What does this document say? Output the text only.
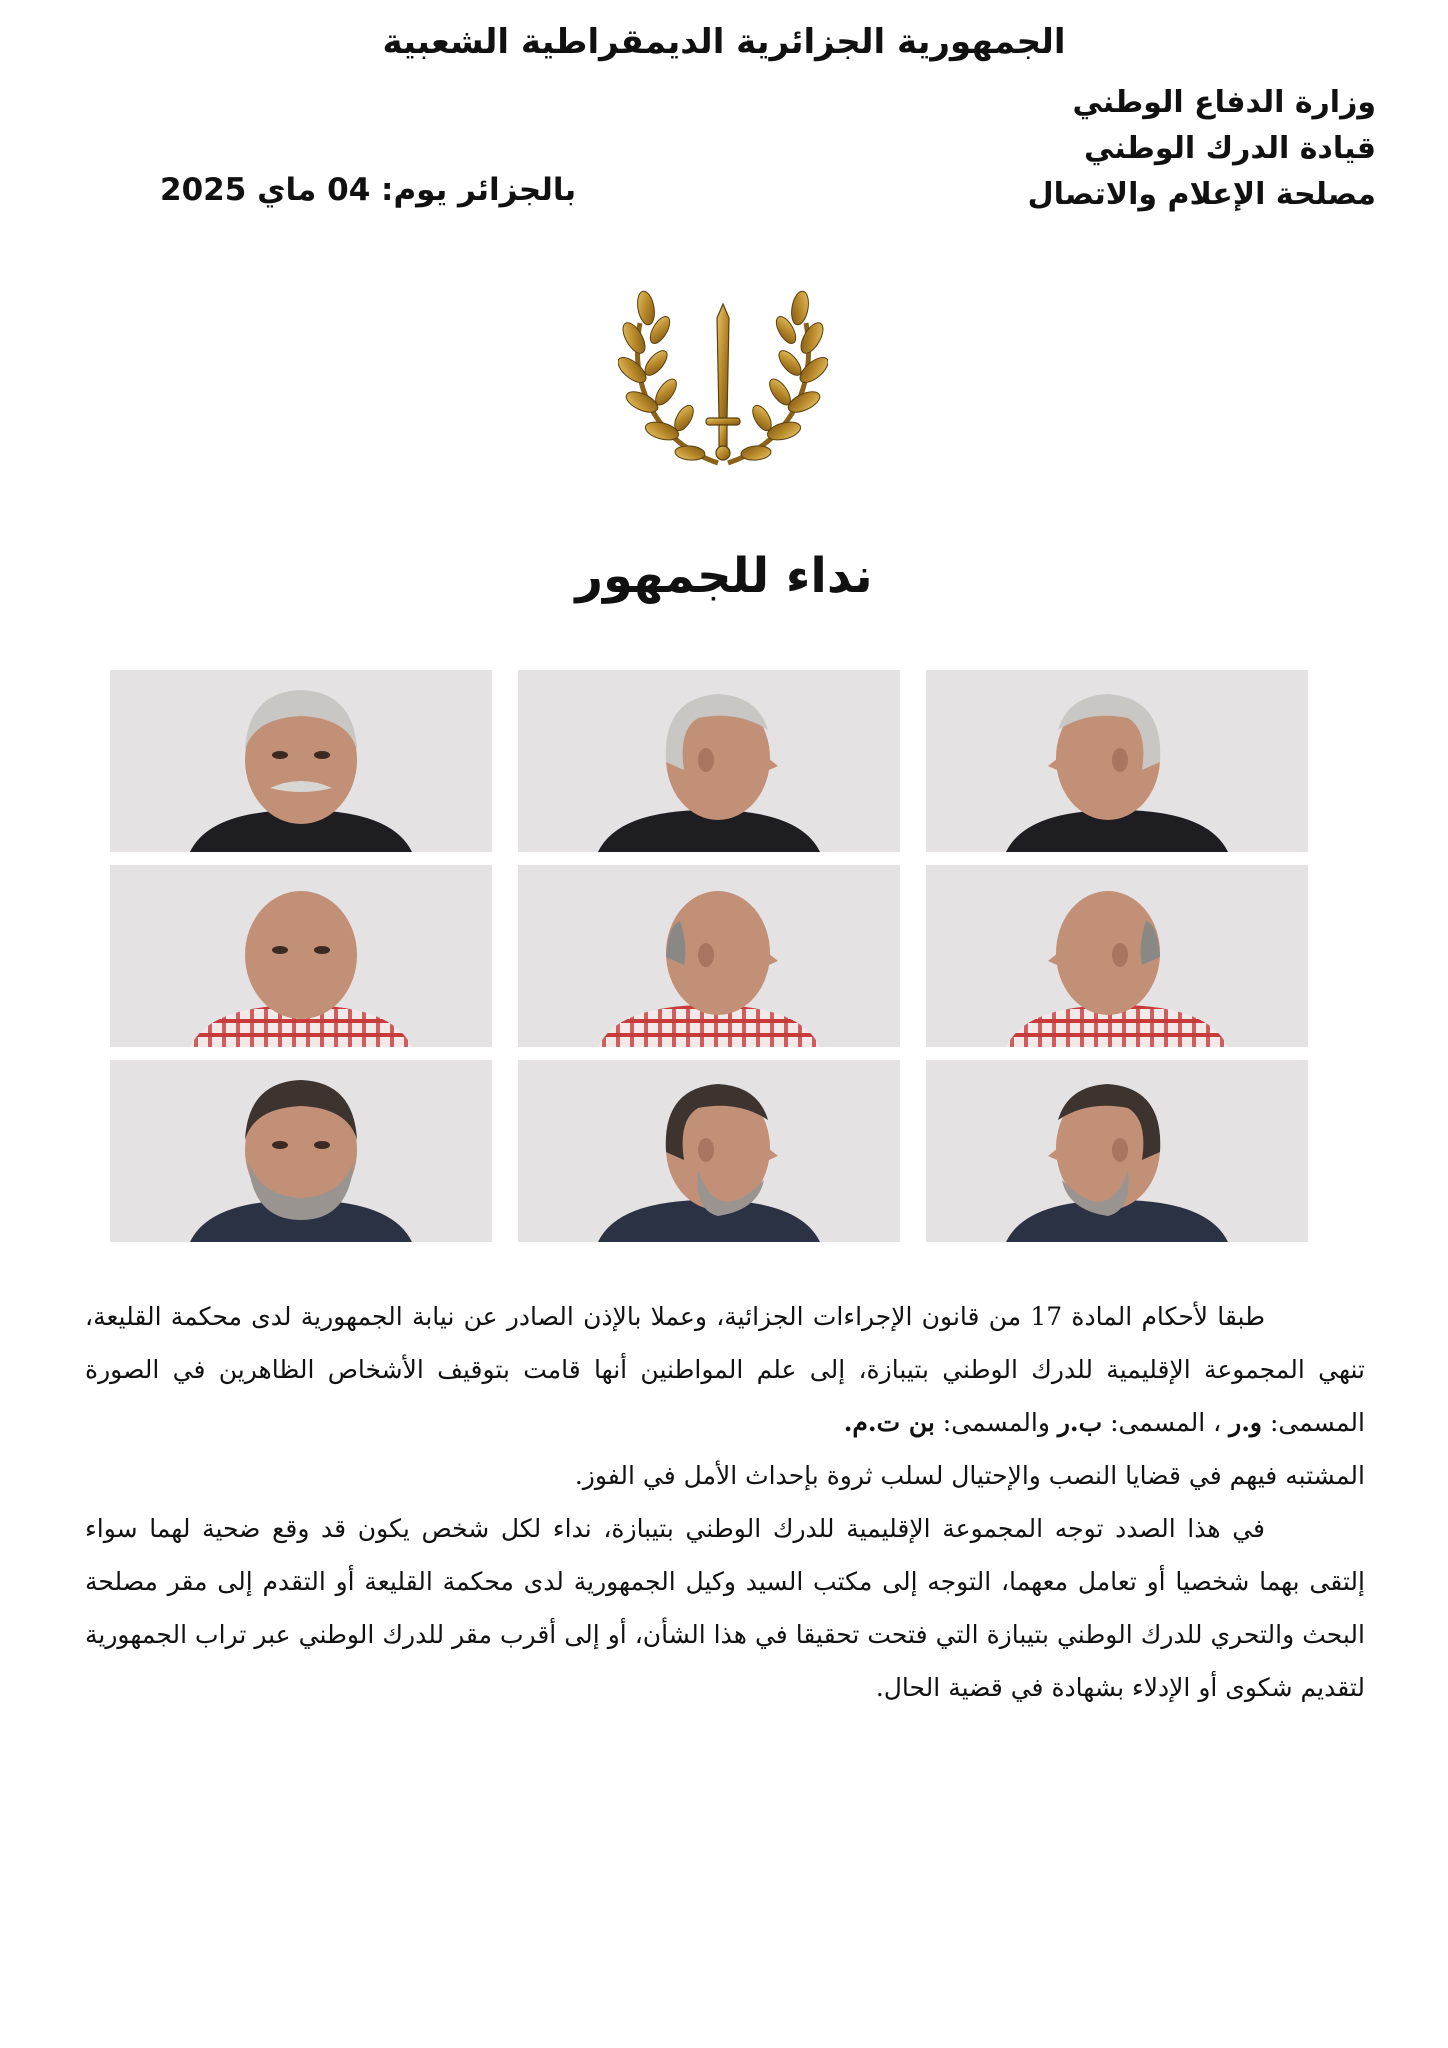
الجمهورية الجزائرية الديمقراطية الشعبية
وزارة الدفاع الوطني
قيادة الدرك الوطني
مصلحة الإعلام والاتصال
بالجزائر يوم: 04 ماي 2025
نداء للجمهور

طبقا لأحكام المادة 17 من قانون الإجراءات الجزائية، وعملا بالإذن الصادر عن نيابة الجمهورية لدى محكمة القليعة، تنهي المجموعة الإقليمية للدرك الوطني بتيبازة، إلى علم المواطنين أنها قامت بتوقيف الأشخاص الظاهرين في الصورة المسمى: و.ر ، المسمى: ب.ر والمسمى: بن ت.م.

المشتبه فيهم في قضايا النصب والإحتيال لسلب ثروة بإحداث الأمل في الفوز.

في هذا الصدد توجه المجموعة الإقليمية للدرك الوطني بتيبازة، نداء لكل شخص يكون قد وقع ضحية لهما سواء إلتقى بهما شخصيا أو تعامل معهما، التوجه إلى مكتب السيد وكيل الجمهورية لدى محكمة القليعة أو التقدم إلى مقر مصلحة البحث والتحري للدرك الوطني بتيبازة التي فتحت تحقيقا في هذا الشأن، أو إلى أقرب مقر للدرك الوطني عبر تراب الجمهورية لتقديم شكوى أو الإدلاء بشهادة في قضية الحال.
